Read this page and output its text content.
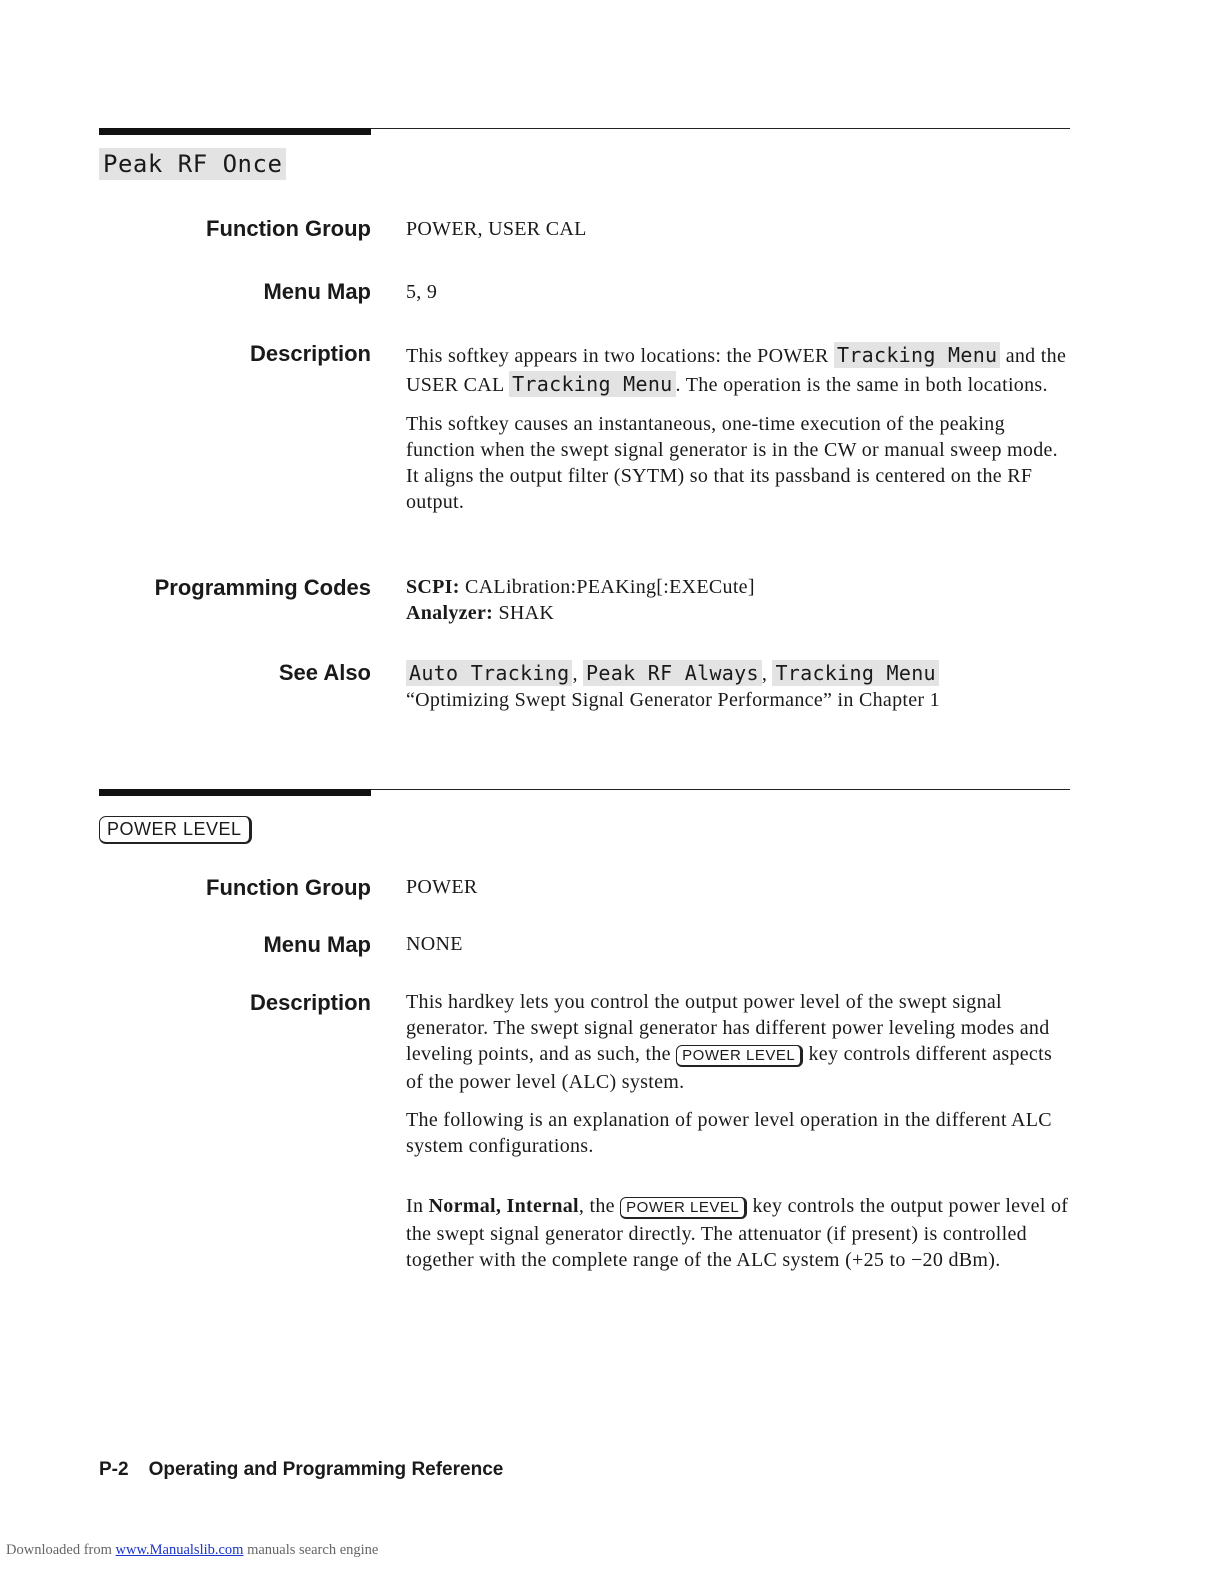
Peak RF Once
Function Group POWER, USER CAL
Menu Map 5, 9
Description This softkey appears in two locations: the POWER Tracking Menu and the USER CAL Tracking Menu . The operation is the same in both locations.

This softkey causes an instantaneous, one-time execution of the peaking function when the swept signal generator is in the CW or manual sweep mode. It aligns the output filter (SYTM) so that its passband is centered on the RF output.

Programming Codes SCPI: CALibration:PEAKing[:EXECute]
Analyzer: SHAK
See Also Auto Tracking , Peak RF Always , Tracking Menu
“Optimizing Swept Signal Generator Performance” in Chapter 1
POWER LEVEL
Function Group POWER
Menu Map NONE
Description This hardkey lets you control the output power level of the swept signal generator. The swept signal generator has different power leveling modes and leveling points, and as such, the POWER LEVEL key controls different aspects of the power level (ALC) system.

The following is an explanation of power level operation in the different ALC system configurations.

In Normal, Internal, the POWER LEVEL key controls the output power level of the swept signal generator directly. The attenuator (if present) is controlled together with the complete range of the ALC system (+25 to −20 dBm).

P-2 Operating and Programming Reference
Downloaded from www.Manualslib.com manuals search engine
